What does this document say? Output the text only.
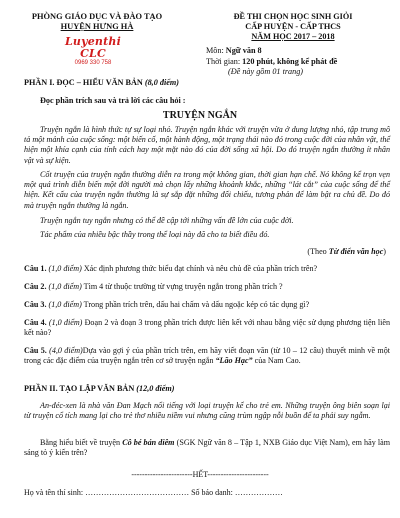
PHÒNG GIÁO DỤC VÀ ĐÀO TẠO
HUYỆN HƯNG HÀ
Luyenthi CLC
0969 330 758
ĐỀ THI CHỌN HỌC SINH GIỎI
CẤP HUYỆN - CẤP THCS
NĂM HỌC 2017 – 2018
Môn: Ngữ văn 8
Thời gian: 120 phút, không kể phát đề
(Đề này gồm 01 trang)
PHẦN I. ĐỌC – HIỂU VĂN BẢN (8,0 điểm)
Đọc phần trích sau và trả lời các câu hỏi :
TRUYỆN NGẮN
Truyện ngắn là hình thức tự sự loại nhỏ. Truyện ngắn khác với truyện vừa ở dung lượng nhỏ, tập trung mô tả một mảnh của cuộc sống: một biến cố, một hành động, một trạng thái nào đó trong cuộc đời của nhân vật, thể hiện một khía cạnh của tính cách hay một mặt nào đó của đời sống xã hội. Do đó truyện ngắn thường ít nhân vật và sự kiện.
Cốt truyện của truyện ngắn thường diễn ra trong một không gian, thời gian hạn chế. Nó không kể trọn vẹn một quá trình diễn biến một đời người mà chọn lấy những khoảnh khắc, những “lát cắt” của cuộc sống để thể hiện. Kết cấu của truyện ngắn thường là sự sắp đặt những đối chiếu, tương phản để làm bật ra chủ đề. Do đó mà truyện ngắn thường là ngắn.
Truyện ngắn tuy ngắn nhưng có thể đề cập tới những vấn đề lớn của cuộc đời.
Tác phẩm của nhiều bậc thầy trong thể loại này đã cho ta biết điều đó.
(Theo Từ điển văn học)
Câu 1. (1,0 điểm) Xác định phương thức biểu đạt chính và nêu chủ đề của phần trích trên?
Câu 2. (1,0 điểm) Tìm 4 từ thuộc trường từ vựng truyện ngắn trong phần trích ?
Câu 3. (1,0 điểm) Trong phần trích trên, dấu hai chấm và dấu ngoặc kép có tác dụng gì?
Câu 4. (1,0 điểm) Đoạn 2 và đoạn 3 trong phần trích được liên kết với nhau bằng việc sử dụng phương tiện liên kết nào?
Câu 5. (4,0 điểm)Dựa vào gợi ý của phần trích trên, em hãy viết đoạn văn (từ 10 – 12 câu) thuyết minh về một trong các đặc điểm của truyện ngắn trên cơ sở truyện ngắn “Lão Hạc” của Nam Cao.
PHẦN II. TẠO LẬP VĂN BẢN (12,0 điểm)
An-đéc-xen là nhà văn Đan Mạch nổi tiếng với loại truyện kể cho trẻ em. Những truyện ông biên soạn lại từ truyện cổ tích mang lại cho trẻ thơ nhiều niềm vui nhưng cũng trùm ngập nỗi buồn để ta phải suy ngẫm.
Bằng hiểu biết về truyện Cô bé bán diêm (SGK Ngữ văn 8 – Tập 1, NXB Giáo dục Việt Nam), em hãy làm sáng tỏ ý kiến trên?
-----------------------HẾT-----------------------
Họ và tên thí sinh: ………………………………… Số báo danh: ………………
